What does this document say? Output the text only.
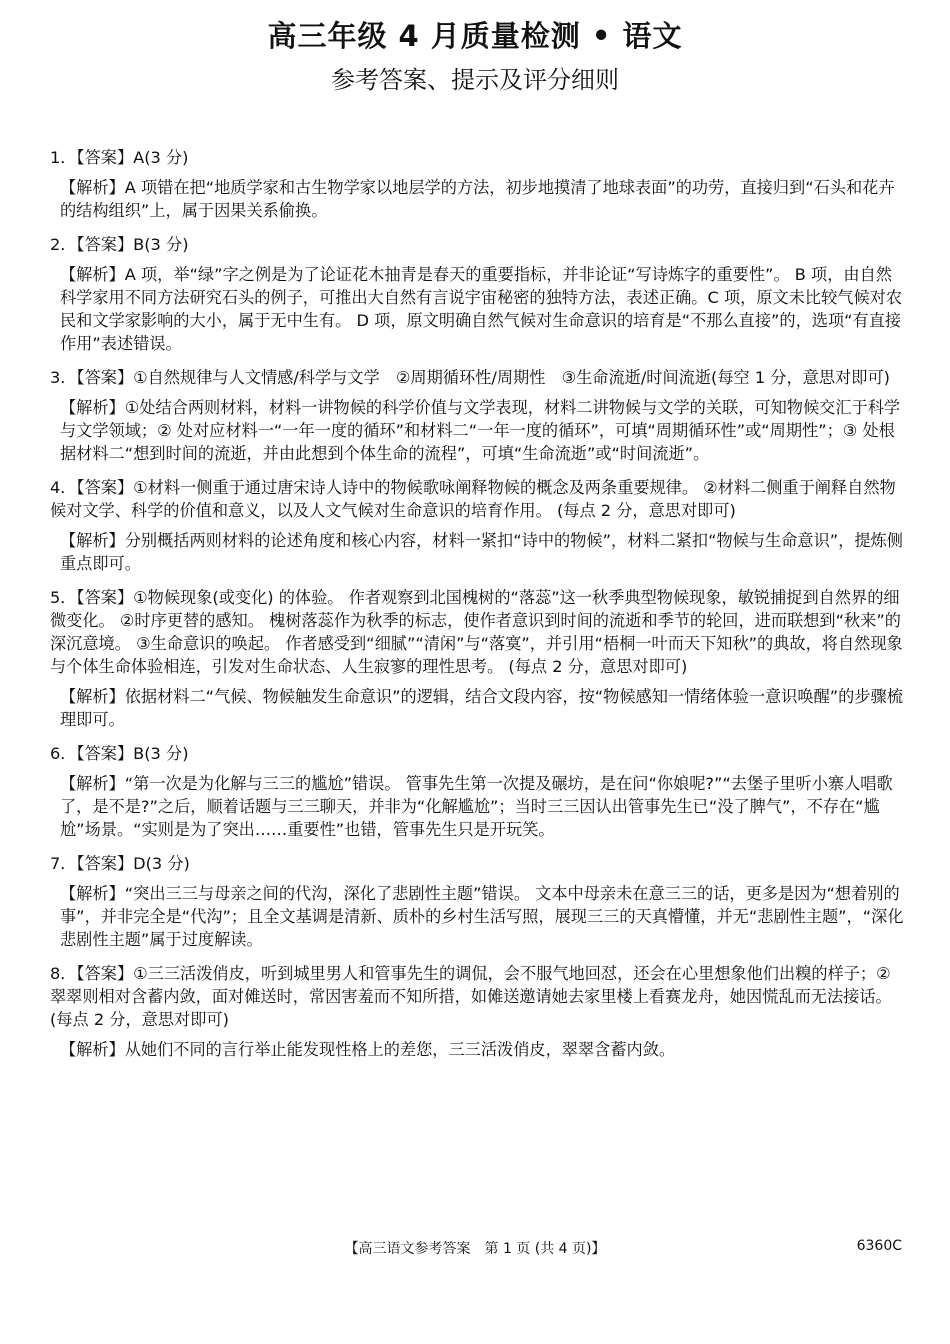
高三年级 4 月质量检测 • 语文
参考答案、提示及评分细则

1．【答案】A(3 分)

【解析】A 项错在把“地质学家和古生物学家以地层学的方法，初步地摸清了地球表面”的功劳，直接归到“石头和花卉的结构组织”上，属于因果关系偷换。

2．【答案】B(3 分)

【解析】A 项，举“绿”字之例是为了论证花木抽青是春天的重要指标，并非论证“写诗炼字的重要性”。 B 项，由自然科学家用不同方法研究石头的例子，可推出大自然有言说宇宙秘密的独特方法，表述正确。C 项，原文未比较气候对农民和文学家影响的大小，属于无中生有。 D 项，原文明确自然气候对生命意识的培育是“不那么直接”的，选项“有直接作用”表述错误。

3．【答案】①自然规律与人文情感/科学与文学　②周期循环性/周期性　③生命流逝/时间流逝(每空 1 分，意思对即可)

【解析】①处结合两则材料，材料一讲物候的科学价值与文学表现，材料二讲物候与文学的关联，可知物候交汇于科学与文学领域；② 处对应材料一“一年一度的循环”和材料二“一年一度的循环”，可填“周期循环性”或“周期性”；③ 处根据材料二“想到时间的流逝，并由此想到个体生命的流程”，可填“生命流逝”或“时间流逝”。

4．【答案】①材料一侧重于通过唐宋诗人诗中的物候歌咏阐释物候的概念及两条重要规律。 ②材料二侧重于阐释自然物候对文学、科学的价值和意义，以及人文气候对生命意识的培育作用。 (每点 2 分，意思对即可)

【解析】分别概括两则材料的论述角度和核心内容，材料一紧扣“诗中的物候”，材料二紧扣“物候与生命意识”，提炼侧重点即可。

5．【答案】①物候现象(或变化) 的体验。 作者观察到北国槐树的“落蕊”这一秋季典型物候现象，敏锐捕捉到自然界的细微变化。 ②时序更替的感知。 槐树落蕊作为秋季的标志，使作者意识到时间的流逝和季节的轮回，进而联想到“秋来”的深沉意境。 ③生命意识的唤起。 作者感受到“细腻”“清闲”与“落寞”，并引用“梧桐一叶而天下知秋”的典故，将自然现象与个体生命体验相连，引发对生命状态、人生寂寥的理性思考。 (每点 2 分，意思对即可)

【解析】依据材料二“气候、物候触发生命意识”的逻辑，结合文段内容，按“物候感知一情绪体验一意识唤醒”的步骤梳理即可。

6．【答案】B(3 分)

【解析】“第一次是为化解与三三的尴尬”错误。 管事先生第一次提及碾坊，是在问“你娘呢?”“去堡子里听小寨人唱歌了，是不是?”之后，顺着话题与三三聊天，并非为“化解尴尬”；当时三三因认出管事先生已“没了脾气”，不存在“尴尬”场景。“实则是为了突出……重要性”也错，管事先生只是开玩笑。

7．【答案】D(3 分)

【解析】“突出三三与母亲之间的代沟，深化了悲剧性主题”错误。 文本中母亲未在意三三的话，更多是因为“想着别的事”，并非完全是“代沟”；且全文基调是清新、质朴的乡村生活写照，展现三三的天真懵懂，并无“悲剧性主题”，“深化悲剧性主题”属于过度解读。

8．【答案】①三三活泼俏皮，听到城里男人和管事先生的调侃，会不服气地回怼，还会在心里想象他们出糗的样子；② 翠翠则相对含蓄内敛，面对傩送时，常因害羞而不知所措，如傩送邀请她去家里楼上看赛龙舟，她因慌乱而无法接话。 (每点 2 分，意思对即可)

【解析】从她们不同的言行举止能发现性格上的差您，三三活泼俏皮，翠翠含蓄内敛。

【高三语文参考答案　第 1 页 (共 4 页)】	6360C
